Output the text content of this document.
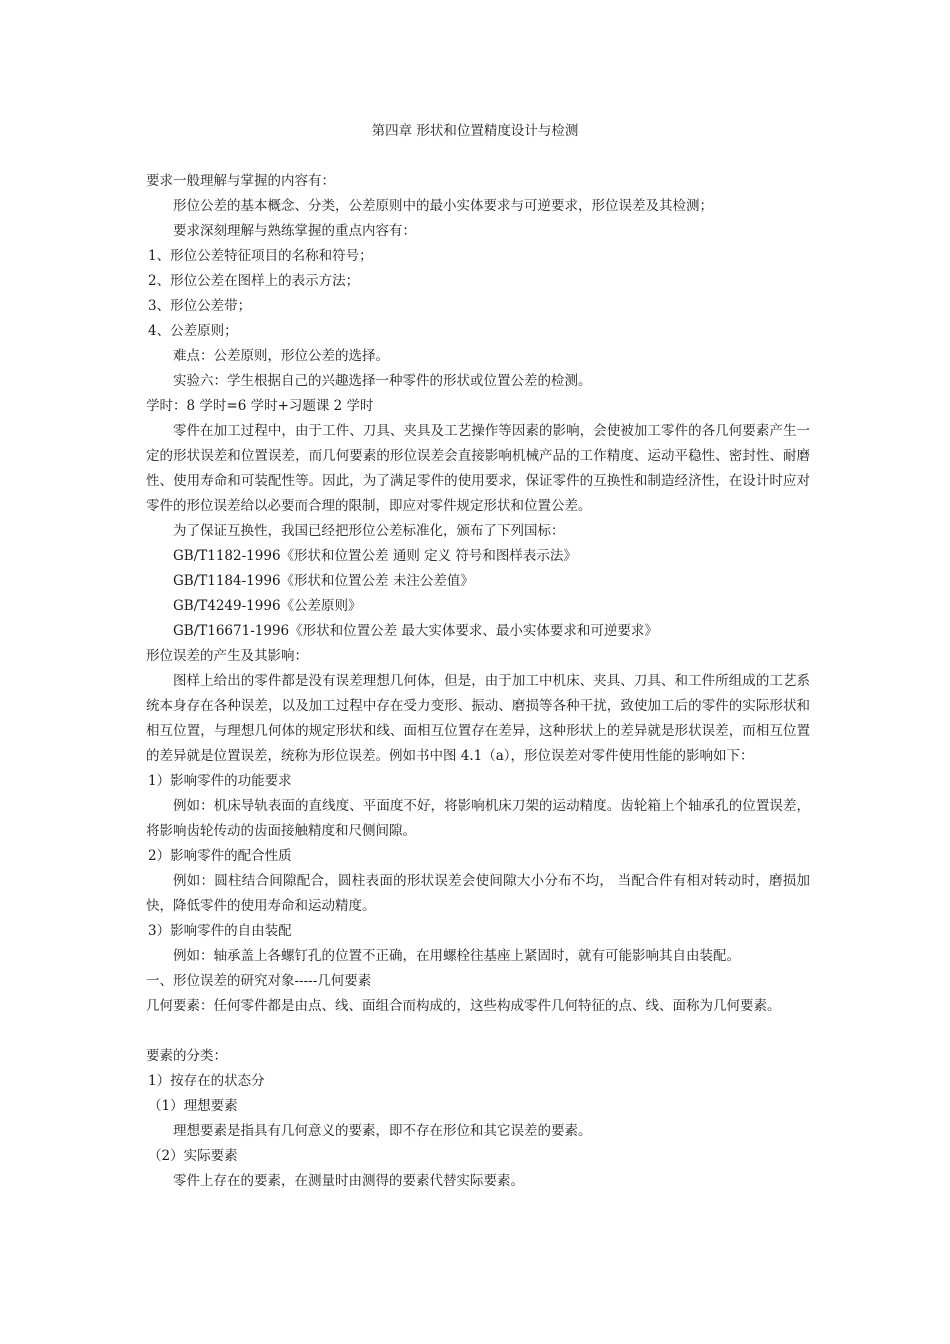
第四章 形状和位置精度设计与检测

要求一般理解与掌握的内容有：

形位公差的基本概念、分类，公差原则中的最小实体要求与可逆要求，形位误差及其检测；

要求深刻理解与熟练掌握的重点内容有：

1、形位公差特征项目的名称和符号；

2、形位公差在图样上的表示方法；

3、形位公差带；

4、公差原则；

难点：公差原则，形位公差的选择。

实验六：学生根据自己的兴趣选择一种零件的形状或位置公差的检测。

学时：8 学时=6 学时+习题课 2 学时

零件在加工过程中，由于工件、刀具、夹具及工艺操作等因素的影响，会使被加工零件的各几何要素产生一定的形状误差和位置误差，而几何要素的形位误差会直接影响机械产品的工作精度、运动平稳性、密封性、耐磨性、使用寿命和可装配性等。因此，为了满足零件的使用要求，保证零件的互换性和制造经济性，在设计时应对零件的形位误差给以必要而合理的限制，即应对零件规定形状和位置公差。

为了保证互换性，我国已经把形位公差标准化，颁布了下列国标：

GB/T1182-1996《形状和位置公差 通则 定义 符号和图样表示法》

GB/T1184-1996《形状和位置公差 未注公差值》

GB/T4249-1996《公差原则》

GB/T16671-1996《形状和位置公差 最大实体要求、最小实体要求和可逆要求》

形位误差的产生及其影响：

图样上给出的零件都是没有误差理想几何体，但是，由于加工中机床、夹具、刀具、和工件所组成的工艺系统本身存在各种误差，以及加工过程中存在受力变形、振动、磨损等各种干扰，致使加工后的零件的实际形状和相互位置，与理想几何体的规定形状和线、面相互位置存在差异，这种形状上的差异就是形状误差，而相互位置的差异就是位置误差，统称为形位误差。例如书中图 4.1（a），形位误差对零件使用性能的影响如下：

1）影响零件的功能要求

例如：机床导轨表面的直线度、平面度不好，将影响机床刀架的运动精度。齿轮箱上个轴承孔的位置误差，将影响齿轮传动的齿面接触精度和尺侧间隙。

2）影响零件的配合性质

例如：圆柱结合间隙配合，圆柱表面的形状误差会使间隙大小分布不均， 当配合件有相对转动时，磨损加快，降低零件的使用寿命和运动精度。

3）影响零件的自由装配

例如：轴承盖上各螺钉孔的位置不正确，在用螺栓往基座上紧固时，就有可能影响其自由装配。

一、形位误差的研究对象-----几何要素

几何要素：任何零件都是由点、线、面组合而构成的，这些构成零件几何特征的点、线、面称为几何要素。

要素的分类：

1）按存在的状态分

（1）理想要素

理想要素是指具有几何意义的要素，即不存在形位和其它误差的要素。

（2）实际要素

零件上存在的要素，在测量时由测得的要素代替实际要素。
